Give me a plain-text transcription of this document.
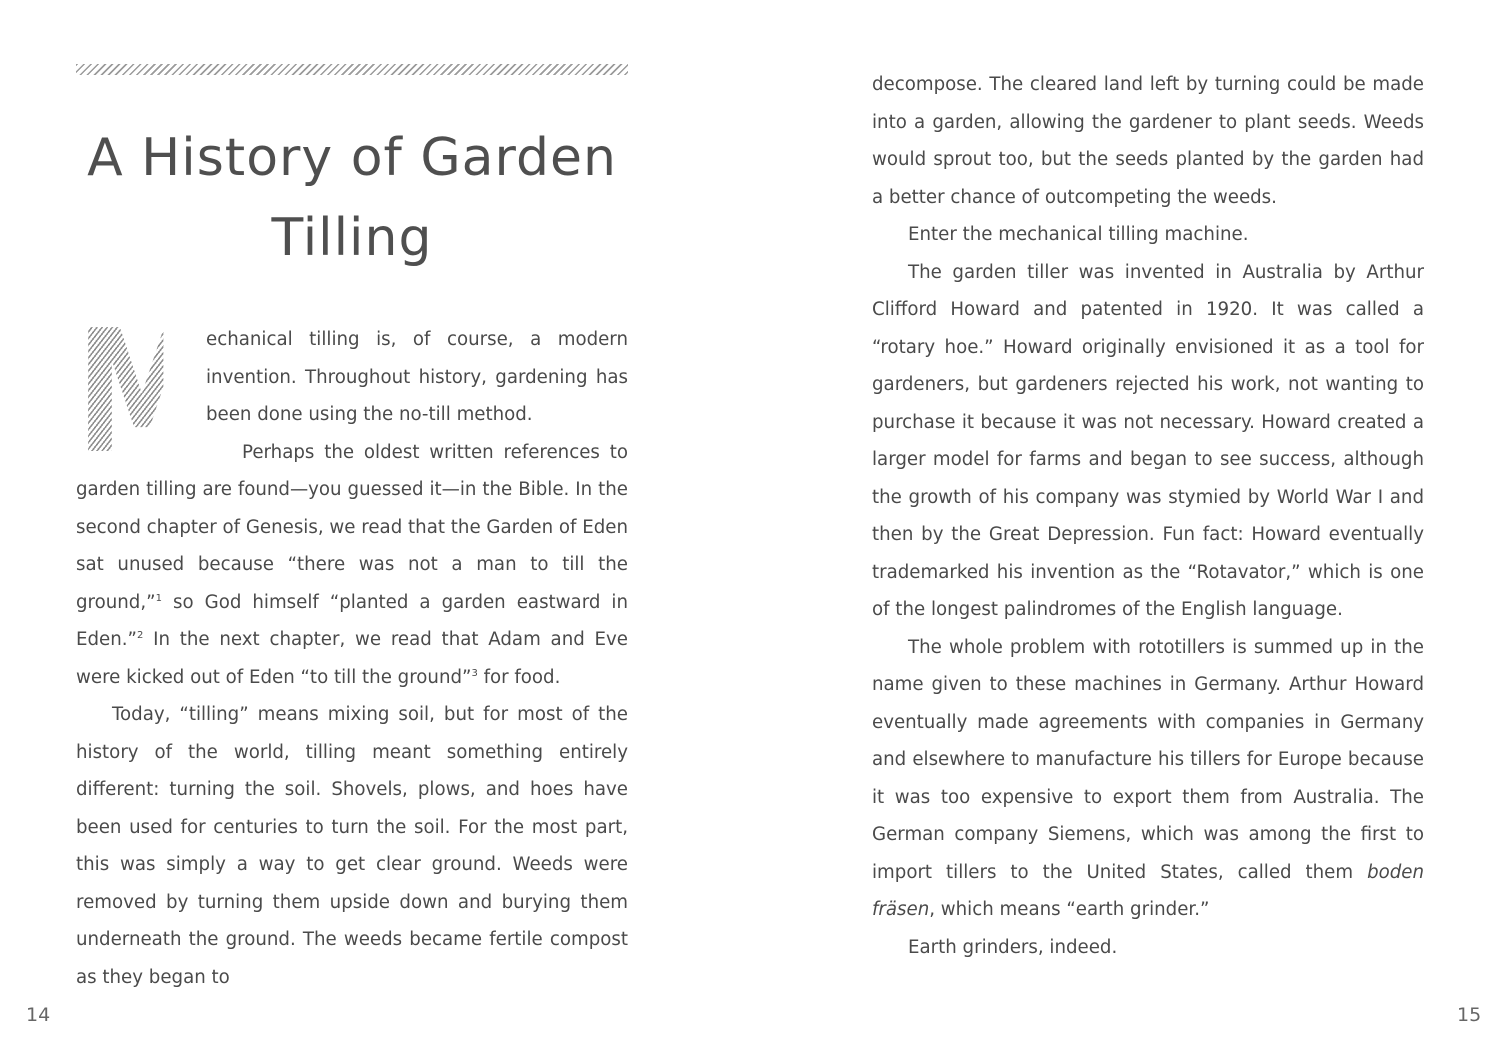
A History of Garden
Tilling

M
echanical tilling is, of course, a modern invention. Throughout history, gardening has been done using the no-till method.

Perhaps the oldest written references to garden tilling are found—you guessed it—in the Bible. In the second chapter of Genesis, we read that the Garden of Eden sat unused because “there was not a man to till the ground,”$^1$ so God himself “planted a garden eastward in Eden.”$^2$ In the next chapter, we read that Adam and Eve were kicked out of Eden “to till the ground”$^3$ for food.

Today, “tilling” means mixing soil, but for most of the history of the world, tilling meant something entirely different: turning the soil. Shovels, plows, and hoes have been used for centuries to turn the soil. For the most part, this was simply a way to get clear ground. Weeds were removed by turning them upside down and burying them underneath the ground. The weeds became fertile compost as they began to

14	15

decompose. The cleared land left by turning could be made into a garden, allowing the gardener to plant seeds. Weeds would sprout too, but the seeds planted by the garden had a better chance of outcompeting the weeds.

Enter the mechanical tilling machine.

The garden tiller was invented in Australia by Arthur Clifford Howard and patented in 1920. It was called a “rotary hoe.” Howard originally envisioned it as a tool for gardeners, but gardeners rejected his work, not wanting to purchase it because it was not necessary. Howard created a larger model for farms and began to see success, although the growth of his company was stymied by World War I and then by the Great Depression. Fun fact: Howard eventually trademarked his invention as the “Rotavator,” which is one of the longest palindromes of the English language.

The whole problem with rototillers is summed up in the name given to these machines in Germany. Arthur Howard eventually made agreements with companies in Germany and elsewhere to manufacture his tillers for Europe because it was too expensive to export them from Australia. The German company Siemens, which was among the first to import tillers to the United States, called them boden fräsen, which means “earth grinder.”

Earth grinders, indeed.
